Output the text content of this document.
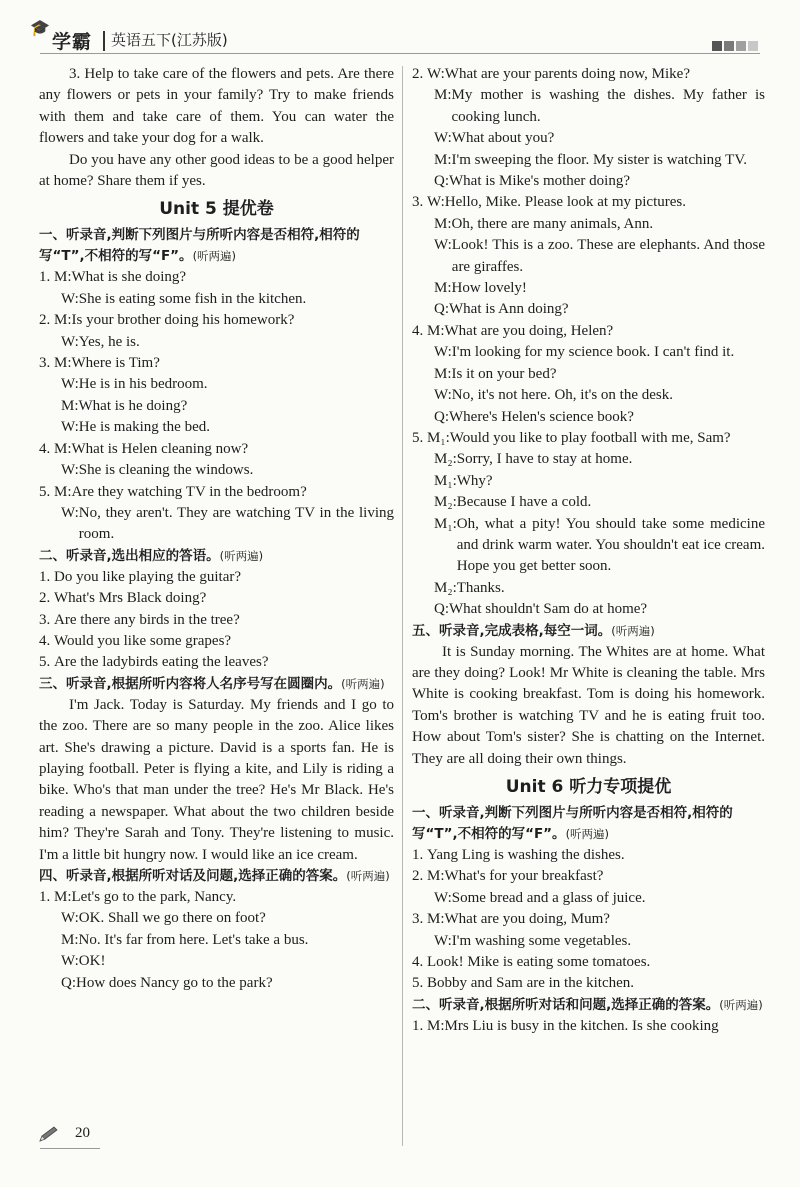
🎓
学霸 英语五下(江苏版)

3. Help to take care of the flowers and pets. Are there any flowers or pets in your family? Try to make friends with them and take care of them. You can water the flowers and take your dog for a walk.

Do you have any other good ideas to be a good helper at home? Share them if yes.

Unit 5 提优卷

一、听录音,判断下列图片与所听内容是否相符,相符的写“T”,不相符的写“F”。(听两遍)

1. M: What is she doing?
W: She is eating some fish in the kitchen.
2. M: Is your brother doing his homework?
W: Yes, he is.
3. M: Where is Tim?
W: He is in his bedroom.
M: What is he doing?
W: He is making the bed.
4. M: What is Helen cleaning now?
W: She is cleaning the windows.
5. M: Are they watching TV in the bedroom?
W: No, they aren't. They are watching TV in the living room.

二、听录音,选出相应的答语。(听两遍)

1. Do you like playing the guitar?
2. What's Mrs Black doing?
3. Are there any birds in the tree?
4. Would you like some grapes?
5. Are the ladybirds eating the leaves?

三、听录音,根据所听内容将人名序号写在圆圈内。(听两遍)

I'm Jack. Today is Saturday. My friends and I go to the zoo. There are so many people in the zoo. Alice likes art. She's drawing a picture. David is a sports fan. He is playing football. Peter is flying a kite, and Lily is riding a bike. Who's that man under the tree? He's Mr Black. He's reading a newspaper. What about the two children beside him? They're Sarah and Tony. They're listening to music. I'm a little bit hungry now. I would like an ice cream.

四、听录音,根据所听对话及问题,选择正确的答案。(听两遍)

1. M: Let's go to the park, Nancy.
W: OK. Shall we go there on foot?
M: No. It's far from here. Let's take a bus.
W: OK!
Q: How does Nancy go to the park?
2. W: What are your parents doing now, Mike?
M: My mother is washing the dishes. My father is cooking lunch.
W: What about you?
M: I'm sweeping the floor. My sister is watching TV.
Q: What is Mike's mother doing?
3. W: Hello, Mike. Please look at my pictures.
M: Oh, there are many animals, Ann.
W: Look! This is a zoo. These are elephants. And those are giraffes.
M: How lovely!
Q: What is Ann doing?
4. M: What are you doing, Helen?
W: I'm looking for my science book. I can't find it.
M: Is it on your bed?
W: No, it's not here. Oh, it's on the desk.
Q: Where's Helen's science book?
5. M₁: Would you like to play football with me, Sam?
M₂: Sorry, I have to stay at home.
M₁: Why?
M₂: Because I have a cold.
M₁: Oh, what a pity! You should take some medicine and drink warm water. You shouldn't eat ice cream. Hope you get better soon.
M₂: Thanks.
Q: What shouldn't Sam do at home?

五、听录音,完成表格,每空一词。(听两遍)

It is Sunday morning. The Whites are at home. What are they doing? Look! Mr White is cleaning the table. Mrs White is cooking breakfast. Tom is doing his homework. Tom's brother is watching TV and he is eating fruit too. How about Tom's sister? She is chatting on the Internet. They are all doing their own things.

Unit 6 听力专项提优

一、听录音,判断下列图片与所听内容是否相符,相符的写“T”,不相符的写“F”。(听两遍)

1. Yang Ling is washing the dishes.
2. M: What's for your breakfast?
W: Some bread and a glass of juice.
3. M: What are you doing, Mum?
W: I'm washing some vegetables.
4. Look! Mike is eating some tomatoes.
5. Bobby and Sam are in the kitchen.

二、听录音,根据所听对话和问题,选择正确的答案。(听两遍)

1. M: Mrs Liu is busy in the kitchen. Is she cooking
20
